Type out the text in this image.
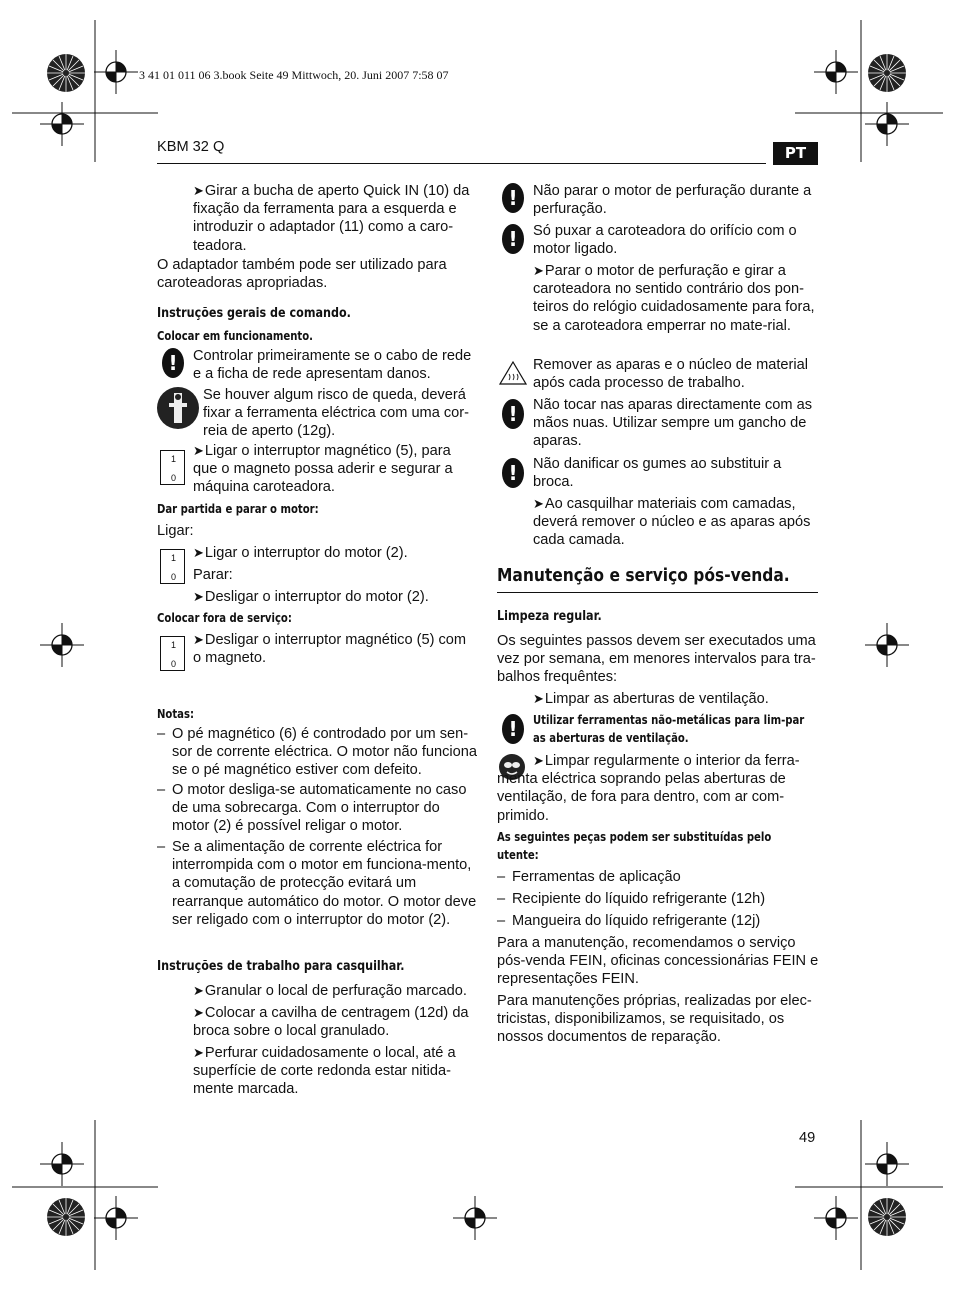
3 41 01 011 06 3.book Seite 49 Mittwoch, 20. Juni 2007 7:58 07
KBM 32 Q	PT
➤ Girar a bucha de aperto Quick IN (10) da fixação da ferramenta para a esquerda e introduzir o adaptador (11) como a caro-teadora.
O adaptador também pode ser utilizado para caroteadoras apropriadas.
Instruções gerais de comando.
Colocar em funcionamento.
!	Controlar primeiramente se o cabo de rede e a ficha de rede apresentam danos.
Se houver algum risco de queda, deverá fixar a ferramenta eléctrica com uma cor-reia de aperto (12g).
1
0
➤ Ligar o interruptor magnético (5), para que o magneto possa aderir e segurar a máquina caroteadora.
Dar partida e parar o motor:
Ligar:
1
0
➤ Ligar o interruptor do motor (2).
Parar:
➤ Desligar o interruptor do motor (2).
Colocar fora de serviço:
1
0
➤ Desligar o interruptor magnético (5) com o magneto.
Notas:
– O pé magnético (6) é controdado por um sen-sor de corrente eléctrica. O motor não funciona se o pé magnético estiver com defeito.
– O motor desliga-se automaticamente no caso de uma sobrecarga. Com o interruptor do motor (2) é possível religar o motor.
– Se a alimentação de corrente eléctrica for interrompida com o motor em funciona-mento, a comutação de protecção evitará um rearranque automático do motor. O motor deve ser religado com o interruptor do motor (2).
Instruções de trabalho para casquilhar.
➤ Granular o local de perfuração marcado.
➤ Colocar a cavilha de centragem (12d) da broca sobre o local granulado.
➤ Perfurar cuidadosamente o local, até a superfície de corte redonda estar nitida-mente marcada.
!	Não parar o motor de perfuração durante a perfuração.
!	Só puxar a caroteadora do orifício com o motor ligado.
➤ Parar o motor de perfuração e girar a caroteadora no sentido contrário dos pon-teiros do relógio cuidadosamente para fora, se a caroteadora emperrar no mate-rial.
Remover as aparas e o núcleo de material após cada processo de trabalho.
!	Não tocar nas aparas directamente com as mãos nuas. Utilizar sempre um gancho de aparas.
!	Não danificar os gumes ao substituir a broca.
➤ Ao casquilhar materiais com camadas, deverá remover o núcleo e as aparas após cada camada.
Manutenção e serviço pós-venda.
Limpeza regular.
Os seguintes passos devem ser executados uma vez por semana, em menores intervalos para tra-balhos frequêntes:
➤ Limpar as aberturas de ventilação.
!	Utilizar ferramentas não-metálicas para lim-par as aberturas de ventilação.
➤ Limpar regularmente o interior da ferra-menta eléctrica soprando pelas aberturas de ventilação, de fora para dentro, com ar com-primido.
As seguintes peças podem ser substituídas pelo utente:
– Ferramentas de aplicação
– Recipiente do líquido refrigerante (12h)
– Mangueira do líquido refrigerante (12j)
Para a manutenção, recomendamos o serviço pós-venda FEIN, oficinas concessionárias FEIN e representações FEIN.
Para manutenções próprias, realizadas por elec-tricistas, disponibilizamos, se requisitado, os nossos documentos de reparação.
49
